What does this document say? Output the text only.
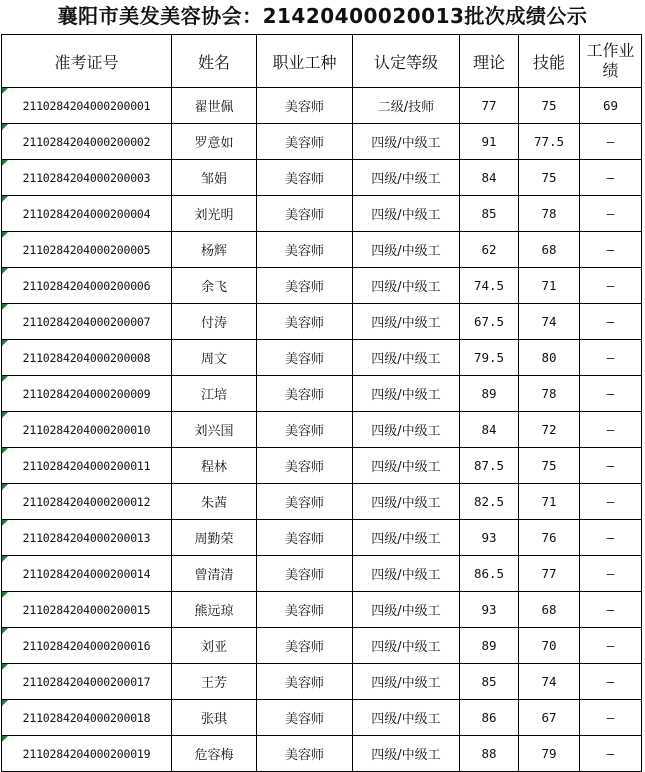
襄阳市美发美容协会：21420400020013批次成绩公示
准考证号	姓名	职业工种	认定等级	理论	技能	工作业绩
2110284204000200001	翟世佩	美容师	二级/技师	77	75	69
2110284204000200002	罗意如	美容师	四级/中级工	91	77.5	—
2110284204000200003	邹娟	美容师	四级/中级工	84	75	—
2110284204000200004	刘光明	美容师	四级/中级工	85	78	—
2110284204000200005	杨辉	美容师	四级/中级工	62	68	—
2110284204000200006	余飞	美容师	四级/中级工	74.5	71	—
2110284204000200007	付涛	美容师	四级/中级工	67.5	74	—
2110284204000200008	周文	美容师	四级/中级工	79.5	80	—
2110284204000200009	江培	美容师	四级/中级工	89	78	—
2110284204000200010	刘兴国	美容师	四级/中级工	84	72	—
2110284204000200011	程林	美容师	四级/中级工	87.5	75	—
2110284204000200012	朱茜	美容师	四级/中级工	82.5	71	—
2110284204000200013	周勤荣	美容师	四级/中级工	93	76	—
2110284204000200014	曾清清	美容师	四级/中级工	86.5	77	—
2110284204000200015	熊远琼	美容师	四级/中级工	93	68	—
2110284204000200016	刘亚	美容师	四级/中级工	89	70	—
2110284204000200017	王芳	美容师	四级/中级工	85	74	—
2110284204000200018	张琪	美容师	四级/中级工	86	67	—
2110284204000200019	危容梅	美容师	四级/中级工	88	79	—
